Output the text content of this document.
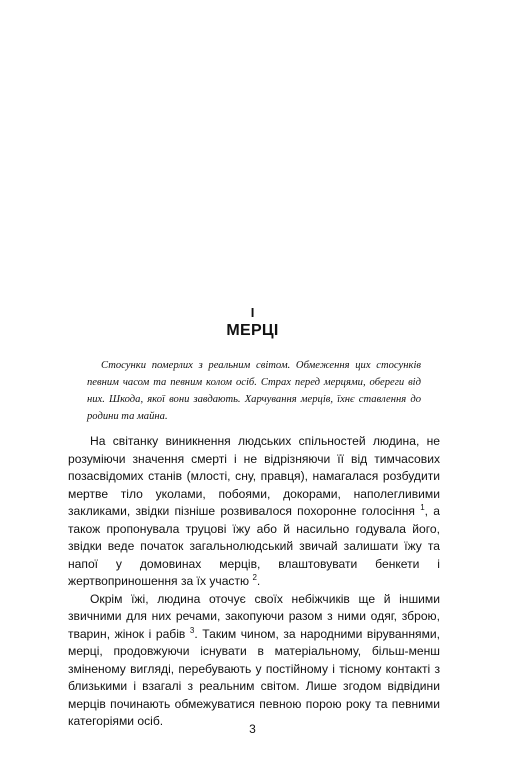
I
МЕРЦІ

Стосунки померлих з реальним світом. Обмеження цих стосунків певним часом та певним колом осіб. Страх перед мерцями, обереги від них. Шкода, якої вони завдають. Харчування мерців, їхнє ставлення до родини та майна.

На світанку виникнення людських спільностей людина, не розуміючи значення смерті і не відрізняючи її від тимчасових позасвідомих станів (млості, сну, правця), намагалася розбудити мертве тіло уколами, побоями, докорами, наполегливими закликами, звідки пізніше розвивалося похоронне голосіння $^1$, а також пропонувала труцові їжу або й насильно годувала його, звідки веде початок загальнолюдський звичай залишати їжу та напої у домовинах мерців, влаштовувати бенкети і жертвоприношення за їх участю $^2$.

Окрім їжі, людина оточує своїх небіжчиків ще й іншими звичними для них речами, закопуючи разом з ними одяг, зброю, тварин, жінок і рабів $^3$. Таким чином, за народними віруваннями, мерці, продовжуючи існувати в матеріальному, більш-менш зміненому вигляді, перебувають у постійному і тісному контакті з близькими і взагалі з реальним світом. Лише згодом відвідини мерців починають обмежуватися певною порою року та певними категоріями осіб.

3
